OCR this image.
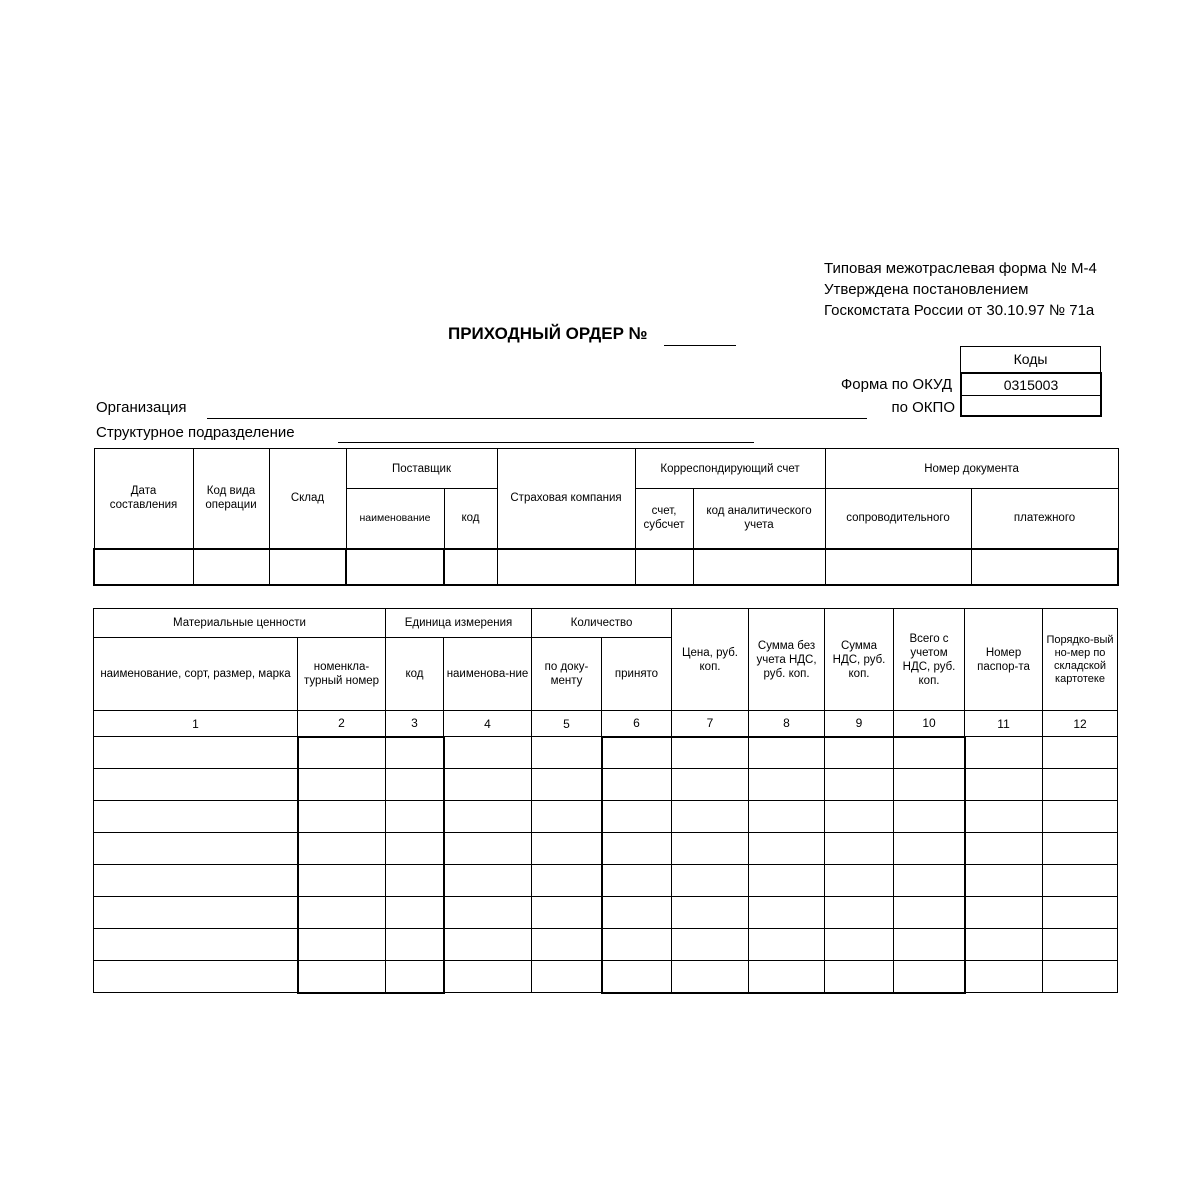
Типовая межотраслевая форма № М-4
Утверждена постановлением
Госкомстата России от 30.10.97 № 71а
ПРИХОДНЫЙ ОРДЕР №
Форма по ОКУД
по ОКПО
Коды
0315003
Организация
Структурное подразделение
Дата составления	Код вида операции	Склад	Поставщик		Страховая компания	Корреспондирующий счет		Номер документа	
			наименование	код		счет, субсчет	код аналитического учета	сопроводительного	платежного

Материальные ценности		Единица измерения		Количество		Цена, руб. коп.	Сумма без учета НДС, руб. коп.	Сумма НДС, руб. коп.	Всего с учетом НДС, руб. коп.	Номер паспор-та	Порядко-вый но-мер по складской картотеке
наименование, сорт, размер, марка	номенкла-турный номер	код	наименова-ние	по доку-менту	принято						
1	2	3	4	5	6	7	8	9	10	11	12
